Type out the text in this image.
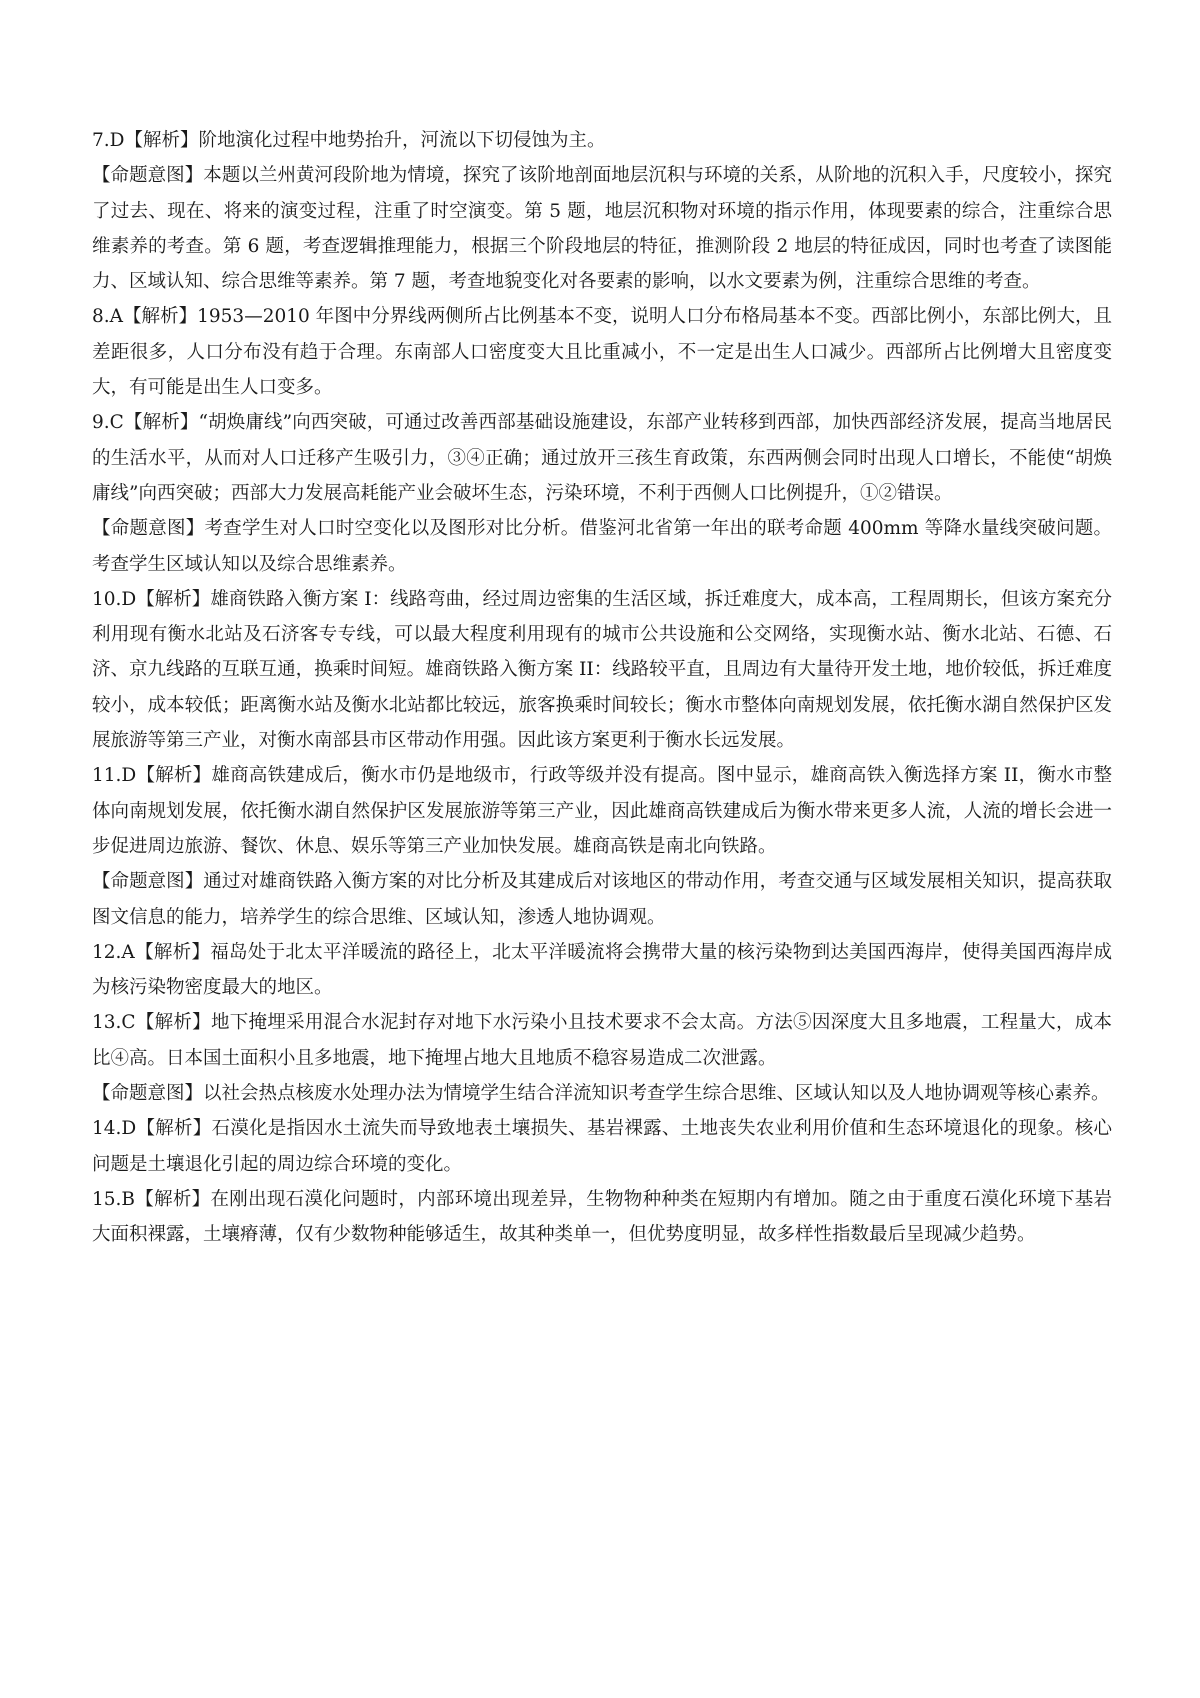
7.D【解析】阶地演化过程中地势抬升，河流以下切侵蚀为主。

【命题意图】本题以兰州黄河段阶地为情境，探究了该阶地剖面地层沉积与环境的关系，从阶地的沉积入手，尺度较小，探究了过去、现在、将来的演变过程，注重了时空演变。第 5 题，地层沉积物对环境的指示作用，体现要素的综合，注重综合思维素养的考查。第 6 题，考查逻辑推理能力，根据三个阶段地层的特征，推测阶段 2 地层的特征成因，同时也考查了读图能力、区域认知、综合思维等素养。第 7 题，考查地貌变化对各要素的影响，以水文要素为例，注重综合思维的考查。

8.A【解析】1953—2010 年图中分界线两侧所占比例基本不变，说明人口分布格局基本不变。西部比例小，东部比例大，且差距很多，人口分布没有趋于合理。东南部人口密度变大且比重减小，不一定是出生人口减少。西部所占比例增大且密度变大，有可能是出生人口变多。

9.C【解析】“胡焕庸线”向西突破，可通过改善西部基础设施建设，东部产业转移到西部，加快西部经济发展，提高当地居民的生活水平，从而对人口迁移产生吸引力，③④正确；通过放开三孩生育政策，东西两侧会同时出现人口增长，不能使“胡焕庸线”向西突破；西部大力发展高耗能产业会破坏生态，污染环境，不利于西侧人口比例提升，①②错误。

【命题意图】考查学生对人口时空变化以及图形对比分析。借鉴河北省第一年出的联考命题 400mm 等降水量线突破问题。考查学生区域认知以及综合思维素养。

10.D【解析】雄商铁路入衡方案 I：线路弯曲，经过周边密集的生活区域，拆迁难度大，成本高，工程周期长，但该方案充分利用现有衡水北站及石济客专专线，可以最大程度利用现有的城市公共设施和公交网络，实现衡水站、衡水北站、石德、石济、京九线路的互联互通，换乘时间短。雄商铁路入衡方案 II：线路较平直，且周边有大量待开发土地，地价较低，拆迁难度较小，成本较低；距离衡水站及衡水北站都比较远，旅客换乘时间较长；衡水市整体向南规划发展，依托衡水湖自然保护区发展旅游等第三产业，对衡水南部县市区带动作用强。因此该方案更利于衡水长远发展。

11.D【解析】雄商高铁建成后，衡水市仍是地级市，行政等级并没有提高。图中显示，雄商高铁入衡选择方案 II，衡水市整体向南规划发展，依托衡水湖自然保护区发展旅游等第三产业，因此雄商高铁建成后为衡水带来更多人流，人流的增长会进一步促进周边旅游、餐饮、休息、娱乐等第三产业加快发展。雄商高铁是南北向铁路。

【命题意图】通过对雄商铁路入衡方案的对比分析及其建成后对该地区的带动作用，考查交通与区域发展相关知识，提高获取图文信息的能力，培养学生的综合思维、区域认知，渗透人地协调观。

12.A【解析】福岛处于北太平洋暖流的路径上，北太平洋暖流将会携带大量的核污染物到达美国西海岸，使得美国西海岸成为核污染物密度最大的地区。

13.C【解析】地下掩埋采用混合水泥封存对地下水污染小且技术要求不会太高。方法⑤因深度大且多地震，工程量大，成本比④高。日本国土面积小且多地震，地下掩埋占地大且地质不稳容易造成二次泄露。

【命题意图】以社会热点核废水处理办法为情境学生结合洋流知识考查学生综合思维、区域认知以及人地协调观等核心素养。

14.D【解析】石漠化是指因水土流失而导致地表土壤损失、基岩裸露、土地丧失农业利用价值和生态环境退化的现象。核心问题是土壤退化引起的周边综合环境的变化。

15.B【解析】在刚出现石漠化问题时，内部环境出现差异，生物物种种类在短期内有增加。随之由于重度石漠化环境下基岩大面积裸露，土壤瘠薄，仅有少数物种能够适生，故其种类单一，但优势度明显，故多样性指数最后呈现减少趋势。
